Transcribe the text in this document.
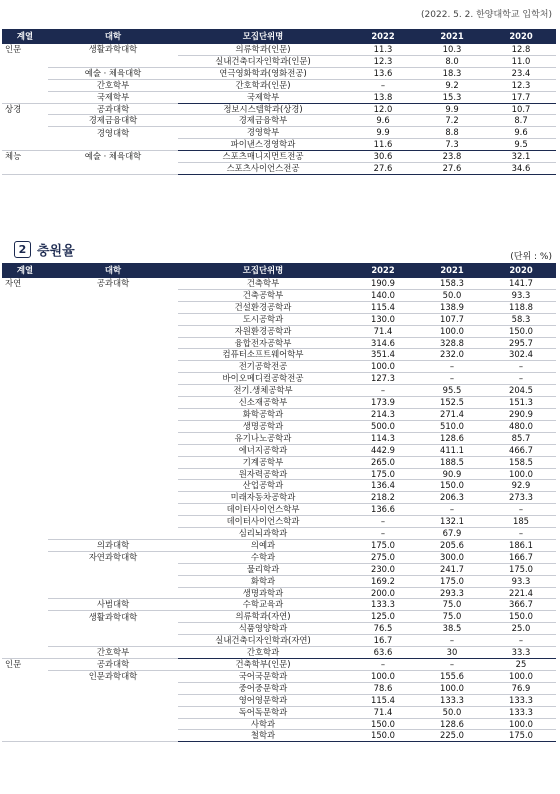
(2022. 5. 2. 한양대학교 입학처)
계열	대학	모집단위명	2022	2021	2020
인문	생활과학대학	의류학과(인문)	11.3	10.3	12.8
		실내건축디자인학과(인문)	12.3	8.0	11.0
	예술 · 체육대학	연극영화학과(영화전공)	13.6	18.3	23.4
	간호학부	간호학과(인문)	–	9.2	12.3
	국제학부	국제학부	13.8	15.3	17.7
상경	공과대학	정보시스템학과(상경)	12.0	9.9	10.7
	경제금융대학	경제금융학부	9.6	7.2	8.7
	경영대학	경영학부	9.9	8.8	9.6
		파이낸스경영학과	11.6	7.3	9.5
체능	예술 · 체육대학	스포츠매니지먼트전공	30.6	23.8	32.1
		스포츠사이언스전공	27.6	27.6	34.6
2 충원율	(단위 : %)
계열	대학	모집단위명	2022	2021	2020
자연	공과대학	건축학부	190.9	158.3	141.7
		건축공학부	140.0	50.0	93.3
		건설환경공학과	115.4	138.9	118.8
		도시공학과	130.0	107.7	58.3
		자원환경공학과	71.4	100.0	150.0
		융합전자공학부	314.6	328.8	295.7
		컴퓨터소프트웨어학부	351.4	232.0	302.4
		전기공학전공	100.0	–	–
		바이오메디컬공학전공	127.3	–	–
		전기.생체공학부	–	95.5	204.5
		신소재공학부	173.9	152.5	151.3
		화학공학과	214.3	271.4	290.9
		생명공학과	500.0	510.0	480.0
		유기나노공학과	114.3	128.6	85.7
		에너지공학과	442.9	411.1	466.7
		기계공학부	265.0	188.5	158.5
		원자력공학과	175.0	90.9	100.0
		산업공학과	136.4	150.0	92.9
		미래자동차공학과	218.2	206.3	273.3
		데이터사이언스학부	136.6	–	–
		데이터사이언스학과	–	132.1	185
		심리뇌과학과	–	67.9	–
	의과대학	의예과	175.0	205.6	186.1
	자연과학대학	수학과	275.0	300.0	166.7
		물리학과	230.0	241.7	175.0
		화학과	169.2	175.0	93.3
		생명과학과	200.0	293.3	221.4
	사범대학	수학교육과	133.3	75.0	366.7
	생활과학대학	의류학과(자연)	125.0	75.0	150.0
		식품영양학과	76.5	38.5	25.0
		실내건축디자인학과(자연)	16.7	–	–
	간호학부	간호학과	63.6	30	33.3
인문	공과대학	건축학부(인문)	–	–	25
	인문과학대학	국어국문학과	100.0	155.6	100.0
		중어중문학과	78.6	100.0	76.9
		영어영문학과	115.4	133.3	133.3
		독어독문학과	71.4	50.0	133.3
		사학과	150.0	128.6	100.0
		철학과	150.0	225.0	175.0
